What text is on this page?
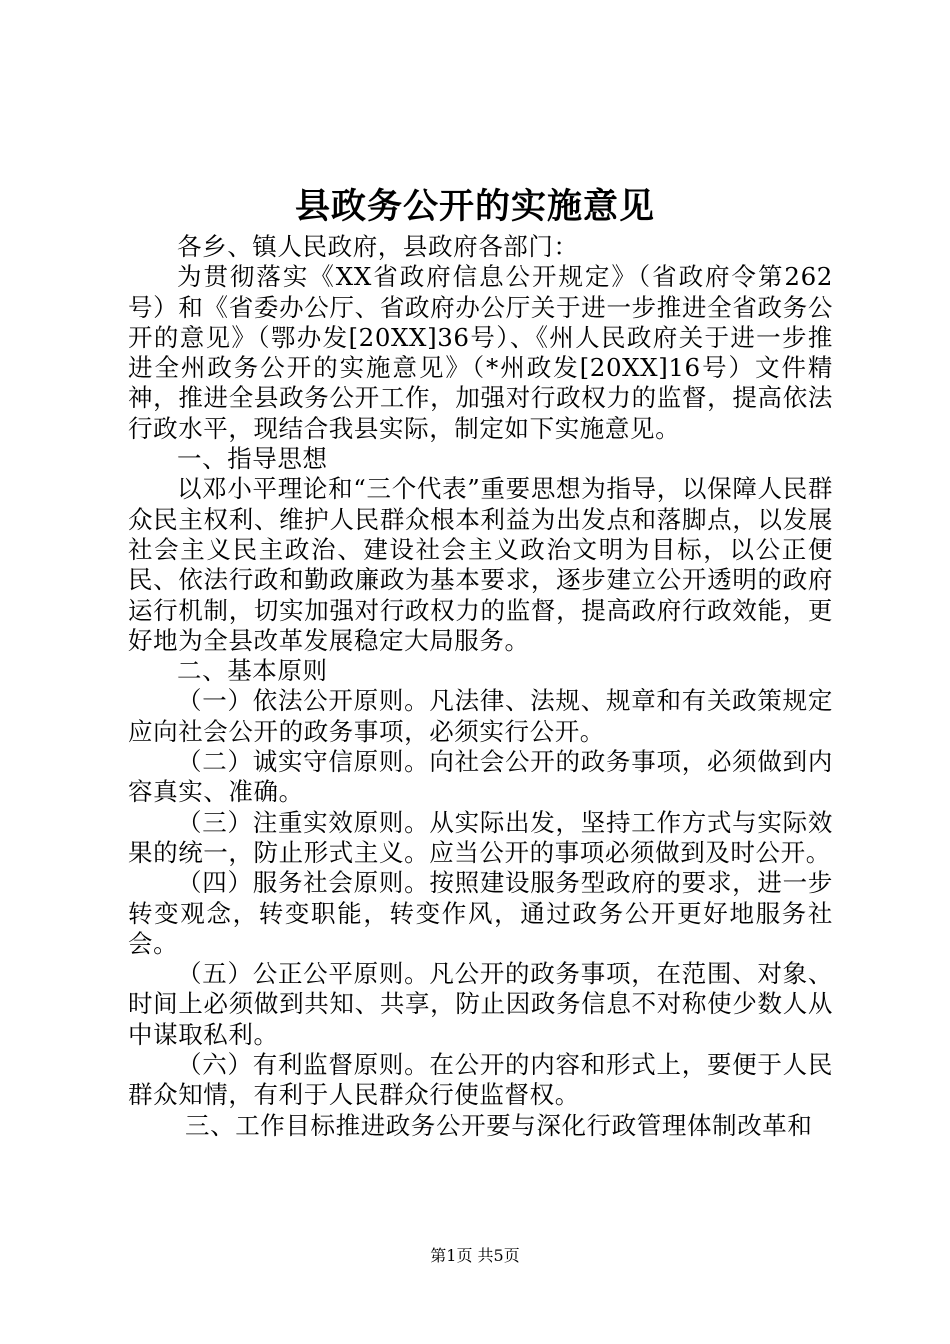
县政务公开的实施意见

各乡、镇人民政府，县政府各部门：

为贯彻落实《XX省政府信息公开规定》（省政府令第262号）和《省委办公厅、省政府办公厅关于进一步推进全省政务公开的意见》（鄂办发[20XX]36号）、《州人民政府关于进一步推进全州政务公开的实施意见》（*州政发[20XX]16号）文件精神，推进全县政务公开工作，加强对行政权力的监督，提高依法行政水平，现结合我县实际，制定如下实施意见。

一、指导思想

以邓小平理论和“三个代表”重要思想为指导，以保障人民群众民主权利、维护人民群众根本利益为出发点和落脚点，以发展社会主义民主政治、建设社会主义政治文明为目标，以公正便民、依法行政和勤政廉政为基本要求，逐步建立公开透明的政府运行机制，切实加强对行政权力的监督，提高政府行政效能，更好地为全县改革发展稳定大局服务。

二、基本原则

（一）依法公开原则。凡法律、法规、规章和有关政策规定应向社会公开的政务事项，必须实行公开。

（二）诚实守信原则。向社会公开的政务事项，必须做到内容真实、准确。

（三）注重实效原则。从实际出发，坚持工作方式与实际效果的统一，防止形式主义。应当公开的事项必须做到及时公开。

（四）服务社会原则。按照建设服务型政府的要求，进一步转变观念，转变职能，转变作风，通过政务公开更好地服务社会。

（五）公正公平原则。凡公开的政务事项，在范围、对象、时间上必须做到共知、共享，防止因政务信息不对称使少数人从中谋取私利。

（六）有利监督原则。在公开的内容和形式上，要便于人民群众知情，有利于人民群众行使监督权。

三、工作目标推进政务公开要与深化行政管理体制改革和

第1页 共5页
